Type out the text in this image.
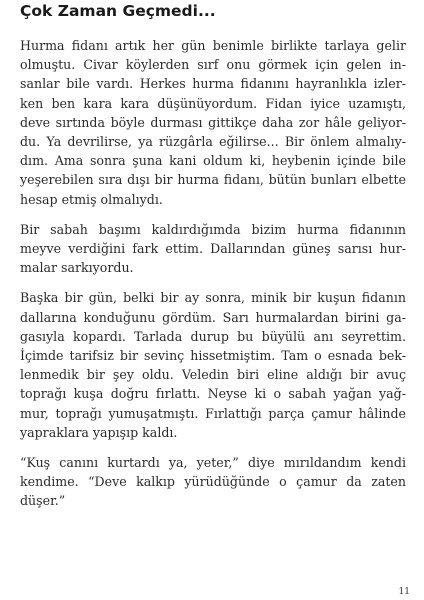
Çok Zaman Geçmedi...

Hurma fidanı artık her gün benimle birlikte tarlaya gelir
olmuştu. Civar köylerden sırf onu görmek için gelen in-
sanlar bile vardı. Herkes hurma fidanını hayranlıkla izler-
ken ben kara kara düşünüyordum. Fidan iyice uzamıştı,
deve sırtında böyle durması gittikçe daha zor hâle geliyor-
du. Ya devrilirse, ya rüzgârla eğilirse... Bir önlem almalıy-
dım. Ama sonra şuna kani oldum ki, heybenin içinde bile
yeşerebilen sıra dışı bir hurma fidanı, bütün bunları elbette
hesap etmiş olmalıydı.

Bir sabah başımı kaldırdığımda bizim hurma fidanının
meyve verdiğini fark ettim. Dallarından güneş sarısı hur-
malar sarkıyordu.

Başka bir gün, belki bir ay sonra, minik bir kuşun fidanın
dallarına konduğunu gördüm. Sarı hurmalardan birini ga-
gasıyla kopardı. Tarlada durup bu büyülü anı seyrettim.
İçimde tarifsiz bir sevinç hissetmiştim. Tam o esnada bek-
lenmedik bir şey oldu. Veledin biri eline aldığı bir avuç
toprağı kuşa doğru fırlattı. Neyse ki o sabah yağan yağ-
mur, toprağı yumuşatmıştı. Fırlattığı parça çamur hâlinde
yapraklara yapışıp kaldı.

“Kuş canını kurtardı ya, yeter,” diye mırıldandım kendi
kendime. “Deve kalkıp yürüdüğünde o çamur da zaten
düşer.”

11
